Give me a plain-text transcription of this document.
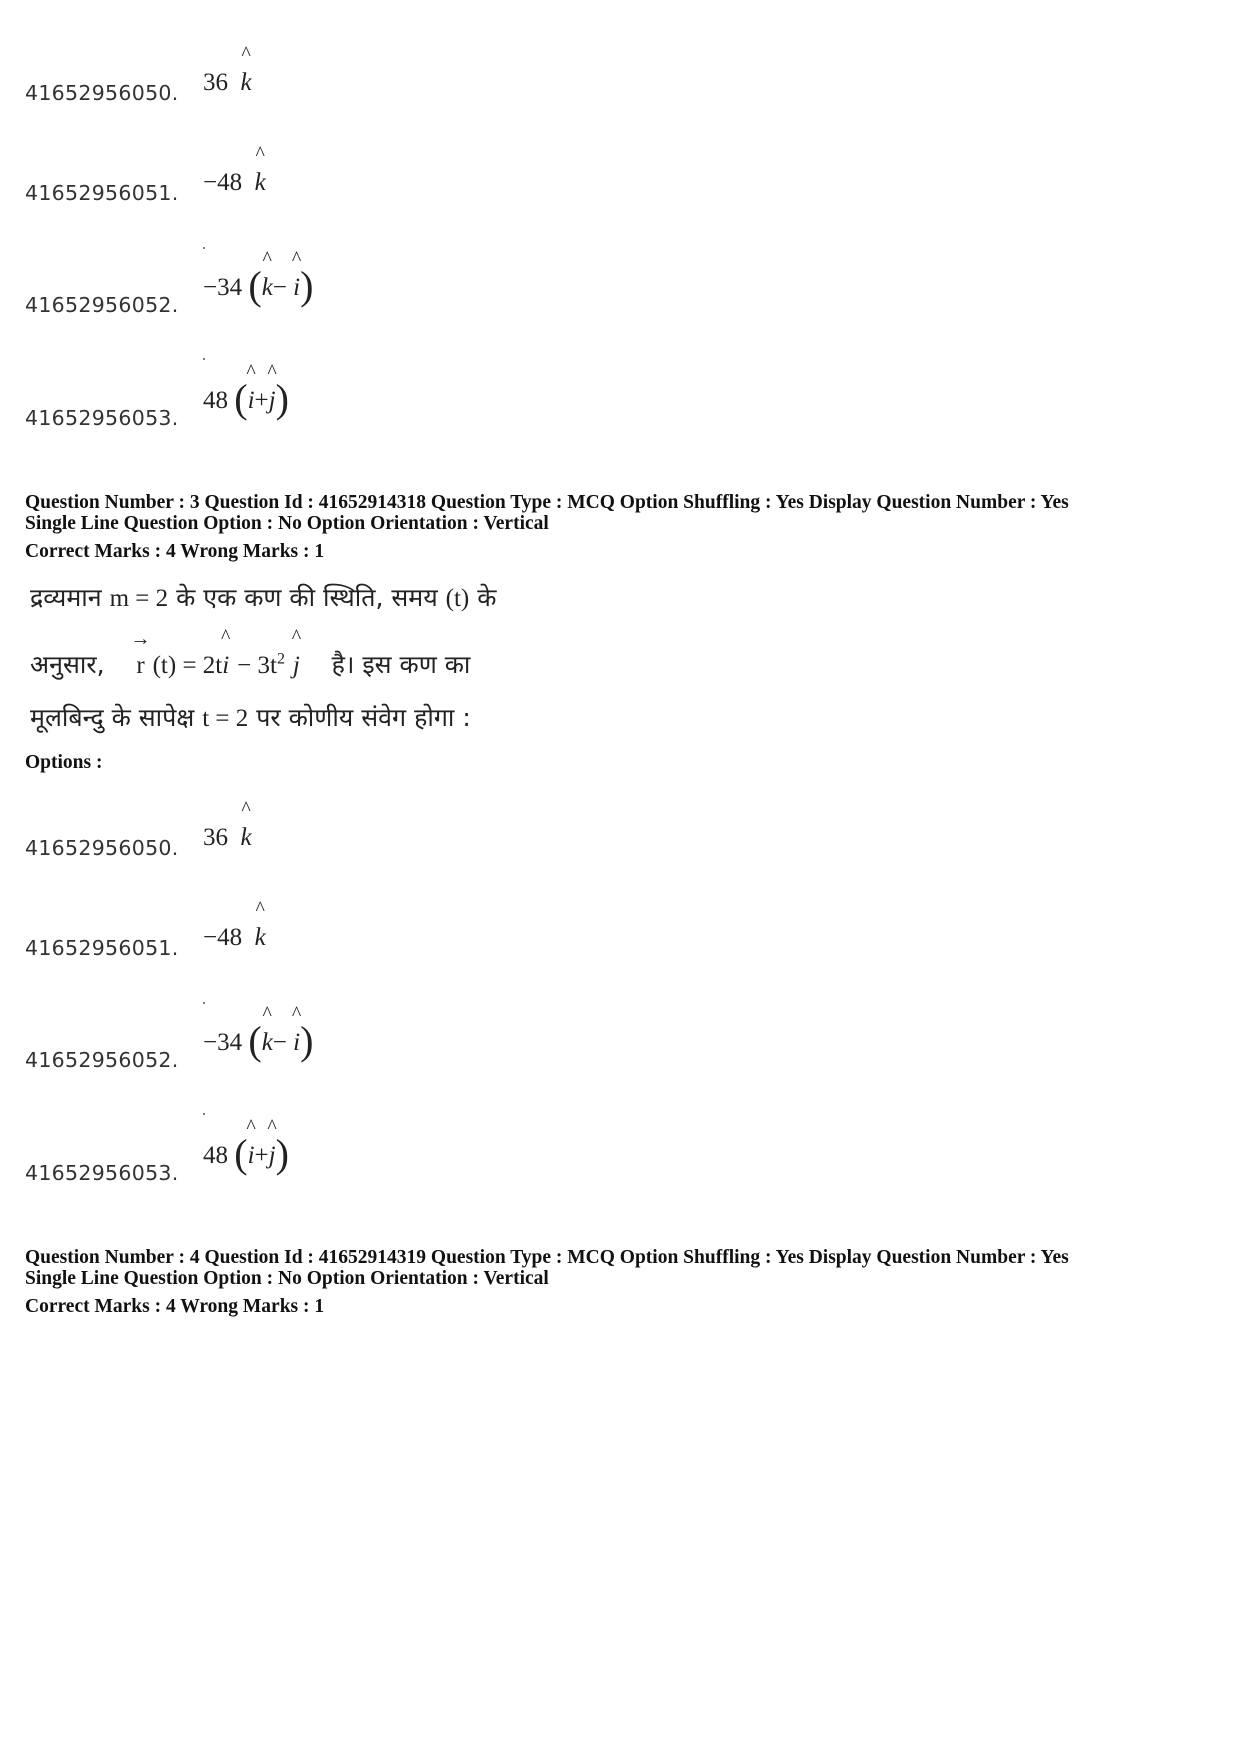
41652956050. 36 ^ k
41652956051. −48 ^ k
41652956052.
−34 (^ k− ^ i)
41652956053.
48 (^ i+^ j)
Question Number : 3 Question Id : 41652914318 Question Type : MCQ Option Shuffling : Yes Display Question Number : Yes
Single Line Question Option : No Option Orientation : Vertical
Correct Marks : 4 Wrong Marks : 1
द्रव्यमान m = 2 के एक कण की स्थिति, समय (t) के
अनुसार, → r (t) = 2t^ $i - 3t^2$ ^ j है। इस कण का
मूलबिन्दु के सापेक्ष t = 2 पर कोणीय संवेग होगा :
Options :
41652956050. 36 ^ k
41652956051. −48 ^ k
41652956052.
−34 (^ k− ^ i)
41652956053.
48 (^ i+^ j)
Question Number : 4 Question Id : 41652914319 Question Type : MCQ Option Shuffling : Yes Display Question Number : Yes
Single Line Question Option : No Option Orientation : Vertical
Correct Marks : 4 Wrong Marks : 1
